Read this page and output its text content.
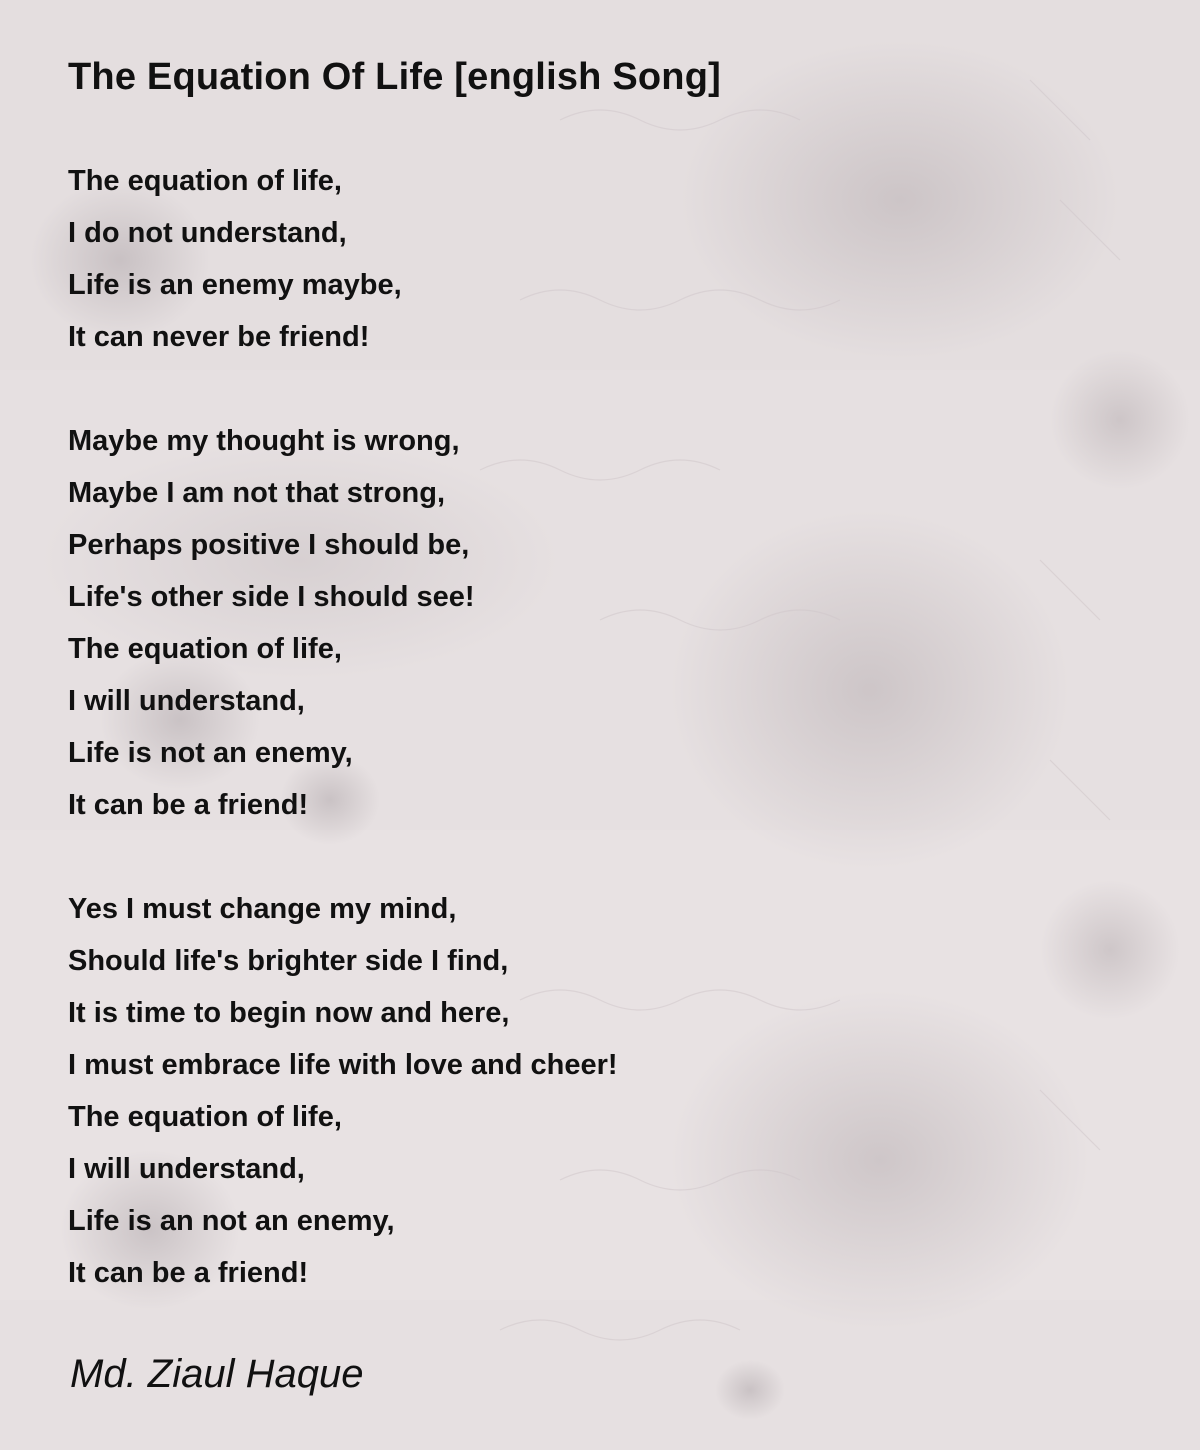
The Equation Of Life [english Song]
The equation of life,
I do not understand,
Life is an enemy maybe,
It can never be friend!
Maybe my thought is wrong,
Maybe I am not that strong,
Perhaps positive I should be,
Life's other side I should see!
The equation of life,
I will understand,
Life is not an enemy,
It can be a friend!
Yes I must change my mind,
Should life's brighter side I find,
It is time to begin now and here,
I must embrace life with love and cheer!
The equation of life,
I will understand,
Life is an not an enemy,
It can be a friend!
Md. Ziaul Haque
